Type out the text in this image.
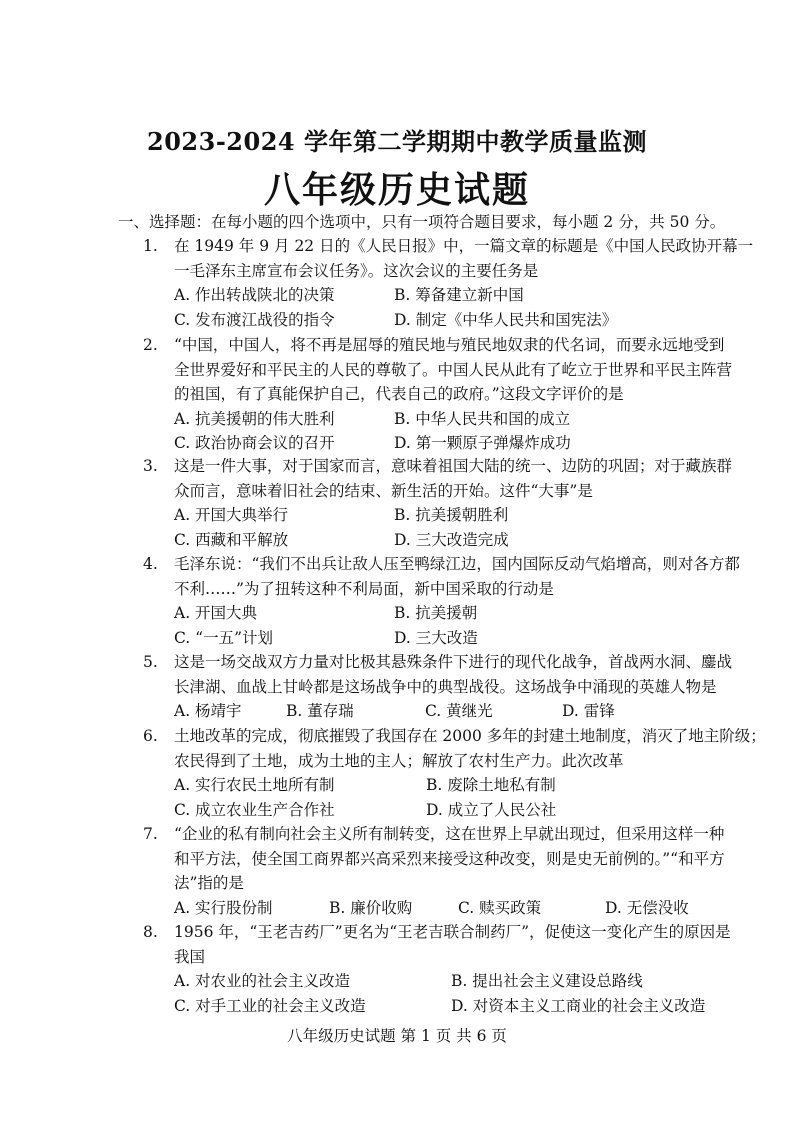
2023-2024 学年第二学期期中教学质量监测
八年级历史试题
一、选择题：在每小题的四个选项中，只有一项符合题目要求，每小题 2 分，共 50 分。
1. 在 1949 年 9 月 22 日的《人民日报》中，一篇文章的标题是《中国人民政协开幕一
一毛泽东主席宣布会议任务》。这次会议的主要任务是
A. 作出转战陕北的决策	B. 筹备建立新中国
C. 发布渡江战役的指令	D. 制定《中华人民共和国宪法》
2. “中国，中国人，将不再是屈辱的殖民地与殖民地奴隶的代名词，而要永远地受到
全世界爱好和平民主的人民的尊敬了。中国人民从此有了屹立于世界和平民主阵营
的祖国，有了真能保护自己，代表自己的政府。”这段文字评价的是
A. 抗美援朝的伟大胜利	B. 中华人民共和国的成立
C. 政治协商会议的召开	D. 第一颗原子弹爆炸成功
3. 这是一件大事，对于国家而言，意味着祖国大陆的统一、边防的巩固；对于藏族群
众而言，意味着旧社会的结束、新生活的开始。这件“大事”是
A. 开国大典举行	B. 抗美援朝胜利
C. 西藏和平解放	D. 三大改造完成
4. 毛泽东说：“我们不出兵让敌人压至鸭绿江边，国内国际反动气焰增高，则对各方都
不利……”为了扭转这种不利局面，新中国采取的行动是
A. 开国大典	B. 抗美援朝
C. “一五”计划	D. 三大改造
5. 这是一场交战双方力量对比极其悬殊条件下进行的现代化战争，首战两水洞、鏖战
长津湖、血战上甘岭都是这场战争中的典型战役。这场战争中涌现的英雄人物是
A. 杨靖宇	B. 董存瑞	C. 黄继光	D. 雷锋
6. 土地改革的完成，彻底摧毁了我国存在 2000 多年的封建土地制度，消灭了地主阶级；
农民得到了土地，成为土地的主人；解放了农村生产力。此次改革
A. 实行农民土地所有制	B. 废除土地私有制
C. 成立农业生产合作社	D. 成立了人民公社
7. “企业的私有制向社会主义所有制转变，这在世界上早就出现过，但采用这样一种
和平方法，使全国工商界都兴高采烈来接受这种改变，则是史无前例的。”“和平方
法”指的是
A. 实行股份制	B. 廉价收购	C. 赎买政策	D. 无偿没收
8. 1956 年，“王老吉药厂”更名为“王老吉联合制药厂”，促使这一变化产生的原因是
我国
A. 对农业的社会主义改造	B. 提出社会主义建设总路线
C. 对手工业的社会主义改造	D. 对资本主义工商业的社会主义改造
八年级历史试题 第 1 页 共 6 页
